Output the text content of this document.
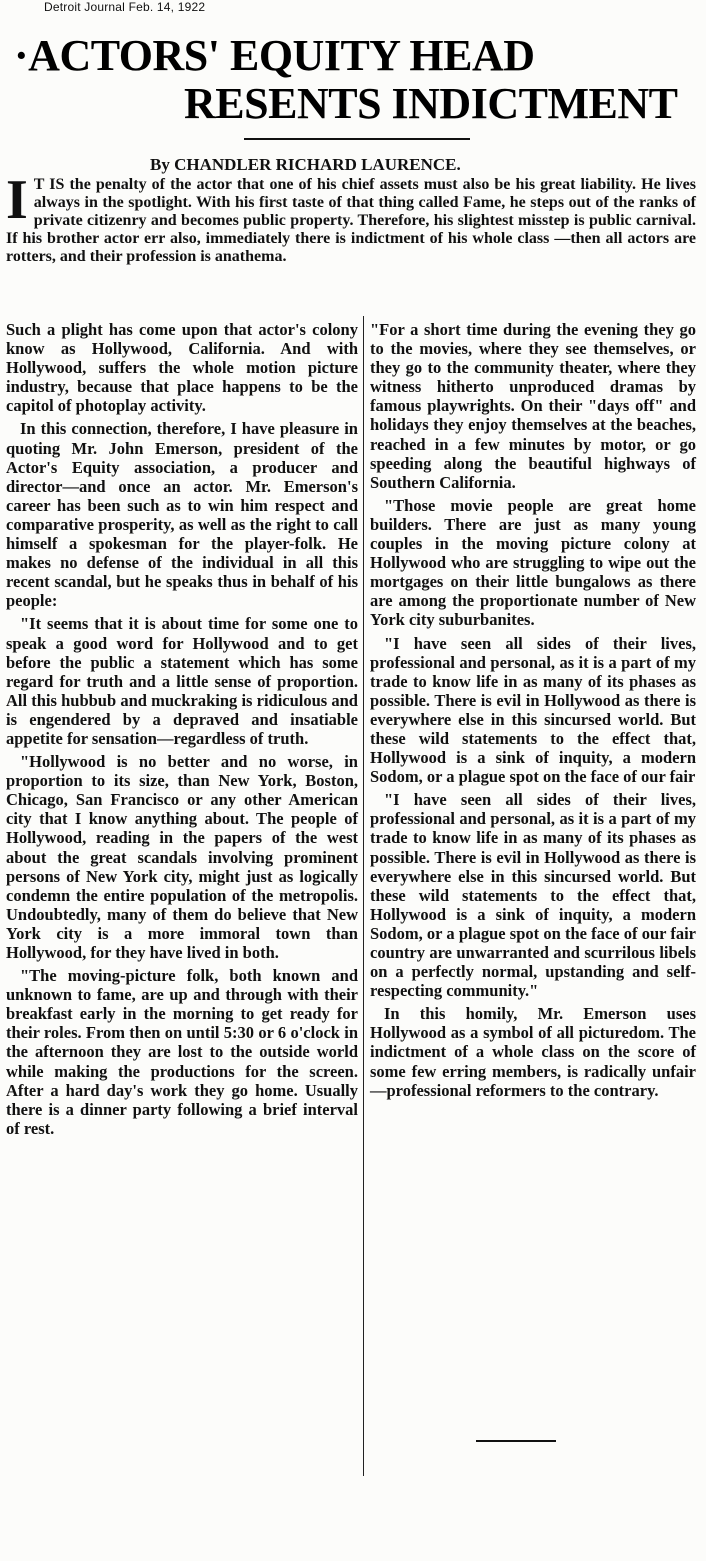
Detroit Journal Feb. 14, 1922
·ACTORS' EQUITY HEAD
RESENTS INDICTMENT
By CHANDLER RICHARD LAURENCE.

I T IS the penalty of the actor that one of his chief assets must also be his great liability. He lives always in the spotlight. With his first taste of that thing called Fame, he steps out of the ranks of private citizenry and becomes public property. Therefore, his slightest misstep is public carnival. If his brother actor err also, immediately there is indictment of his whole class —then all actors are rotters, and their profession is anathema.

Such a plight has come upon that actor's colony know as Hollywood, California. And with Hollywood, suffers the whole motion picture industry, because that place happens to be the capitol of photoplay activity.

In this connection, therefore, I have pleasure in quoting Mr. John Emerson, president of the Actor's Equity association, a producer and director—and once an actor. Mr. Emerson's career has been such as to win him respect and comparative prosperity, as well as the right to call himself a spokesman for the player-folk. He makes no defense of the individual in all this recent scandal, but he speaks thus in behalf of his people:

"It seems that it is about time for some one to speak a good word for Hollywood and to get before the public a statement which has some regard for truth and a little sense of proportion. All this hubbub and muckraking is ridiculous and is engendered by a depraved and insatiable appetite for sensation—regardless of truth.

"Hollywood is no better and no worse, in proportion to its size, than New York, Boston, Chicago, San Francisco or any other American city that I know anything about. The people of Hollywood, reading in the papers of the west about the great scandals involving prominent persons of New York city, might just as logically condemn the entire population of the metropolis. Undoubtedly, many of them do believe that New York city is a more immoral town than Hollywood, for they have lived in both.

"The moving-picture folk, both known and unknown to fame, are up and through with their breakfast early in the morning to get ready for their roles. From then on until 5:30 or 6 o'clock in the afternoon they are lost to the outside world while making the productions for the screen. After a hard day's work they go home. Usually there is a dinner party following a brief interval of rest.

"For a short time during the evening they go to the movies, where they see themselves, or they go to the community theater, where they witness hitherto unproduced dramas by famous playwrights. On their "days off" and holidays they enjoy themselves at the beaches, reached in a few minutes by motor, or go speeding along the beautiful highways of Southern California.

"Those movie people are great home builders. There are just as many young couples in the moving picture colony at Hollywood who are struggling to wipe out the mortgages on their little bungalows as there are among the proportionate number of New York city suburbanites.

"I have seen all sides of their lives, professional and personal, as it is a part of my trade to know life in as many of its phases as possible. There is evil in Hollywood as there is everywhere else in this sincursed world. But these wild statements to the effect that, Hollywood is a sink of inquity, a modern Sodom, or a plague spot on the face of our fair

"I have seen all sides of their lives, professional and personal, as it is a part of my trade to know life in as many of its phases as possible. There is evil in Hollywood as there is everywhere else in this sincursed world. But these wild statements to the effect that, Hollywood is a sink of inquity, a modern Sodom, or a plague spot on the face of our fair country are unwarranted and scurrilous libels on a perfectly normal, upstanding and self-respecting community."

In this homily, Mr. Emerson uses Hollywood as a symbol of all picturedom. The indictment of a whole class on the score of some few erring members, is radically unfair—professional reformers to the contrary.
